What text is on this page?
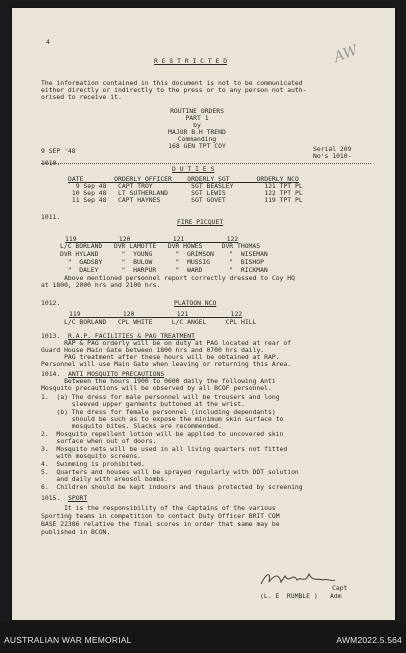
4
AW
R E S T R I C T E D
The information contained in this document is not to be communicated
either directly or indirectly to the press or to any person not auth-
orised to receive it.
ROUTINE ORDERS
PART 1
by
MAJOR B.H TREND
Commanding
168 GEN TPT COY
9 SEP '48	Serial 209
No's 1010-
1010.
D U T I E S
DATE        ORDERLY OFFICER    ORDERLY SGT       ORDERLY NCO
9 Sep 48   CAPT TROY          SGT BEASLEY        121 TPT PL
10 Sep 48   LT SUTHERLAND      SGT LEWIS          122 TPT PL
11 Sep 48   CAPT HAYNES        SGT GOVET          119 TPT PL
1011.
FIRE PICQUET
119           120           121           122
L/C BORLAND   DVR LAMOTTE   DVR HOWES     DVR THOMAS
DVR HYLAND      "  YOUNG      "  GRIMSON    "  WISEMAN
"  GADSBY     "  BULOW      "  MUSSIG     "  BISHOP
"  DALEY      "  HARPUR     "  WARD       "  RICKMAN
Above mentioned personnel report correctly dressed to Coy HQ
at 1800, 2000 hrs and 2100 hrs.
1012.	PLATOON NCO
119           120           121           122
L/C BORLAND   CPL WHITE     L/C ANGEL     CPL HILL
1013. R.A.P. FACILITIES & PAG TREATMENT
RAP & PAG orderly will be on duty at PAG located at rear of
Guard House Main Gate between 1800 hrs and 0700 hrs daily.
PAG treatment after these hours will be obtained at RAP.
Personnel will use Main Gate when leaving or returning this Area.
1014. ANTI MOSQUITO PRECAUTIONS
Between the hours 1900 to 0600 daily the following Anti
Mosquito precautions will be observed by all BCOF personnel.
1.  (a) The dress for male personnel will be trousers and long
sleeved upper garments buttoned at the wrist.
(b) The dress for female personnel (including dependants)
should be such as to expose the minimum skin surface to
mosquito bites. Slacks are recommended.
2.  Mosquito repellent lotion will be applied to uncovered skin
surface when out of doors.
3.  Mosquito nets will be used in all living quarters not fitted
with mosquito screens.
4.  Swimming is prohibited.
5.  Quarters and houses will be sprayed regularly with DDT solution
and daily with areosol bombs.
6.  Children should be kept indoors and thaus protected by screening
1015. SPORT
It is the responsibility of the Captains of the various
Sporting teams in competition to contact Duty Officer BRIT COM
BASE 22386 relative the final scores in order that same may be
published in BCON.
Capt
(L. E  RUMBLE ) Adm
AUSTRALIAN WAR MEMORIAL	AWM2022.5.564
